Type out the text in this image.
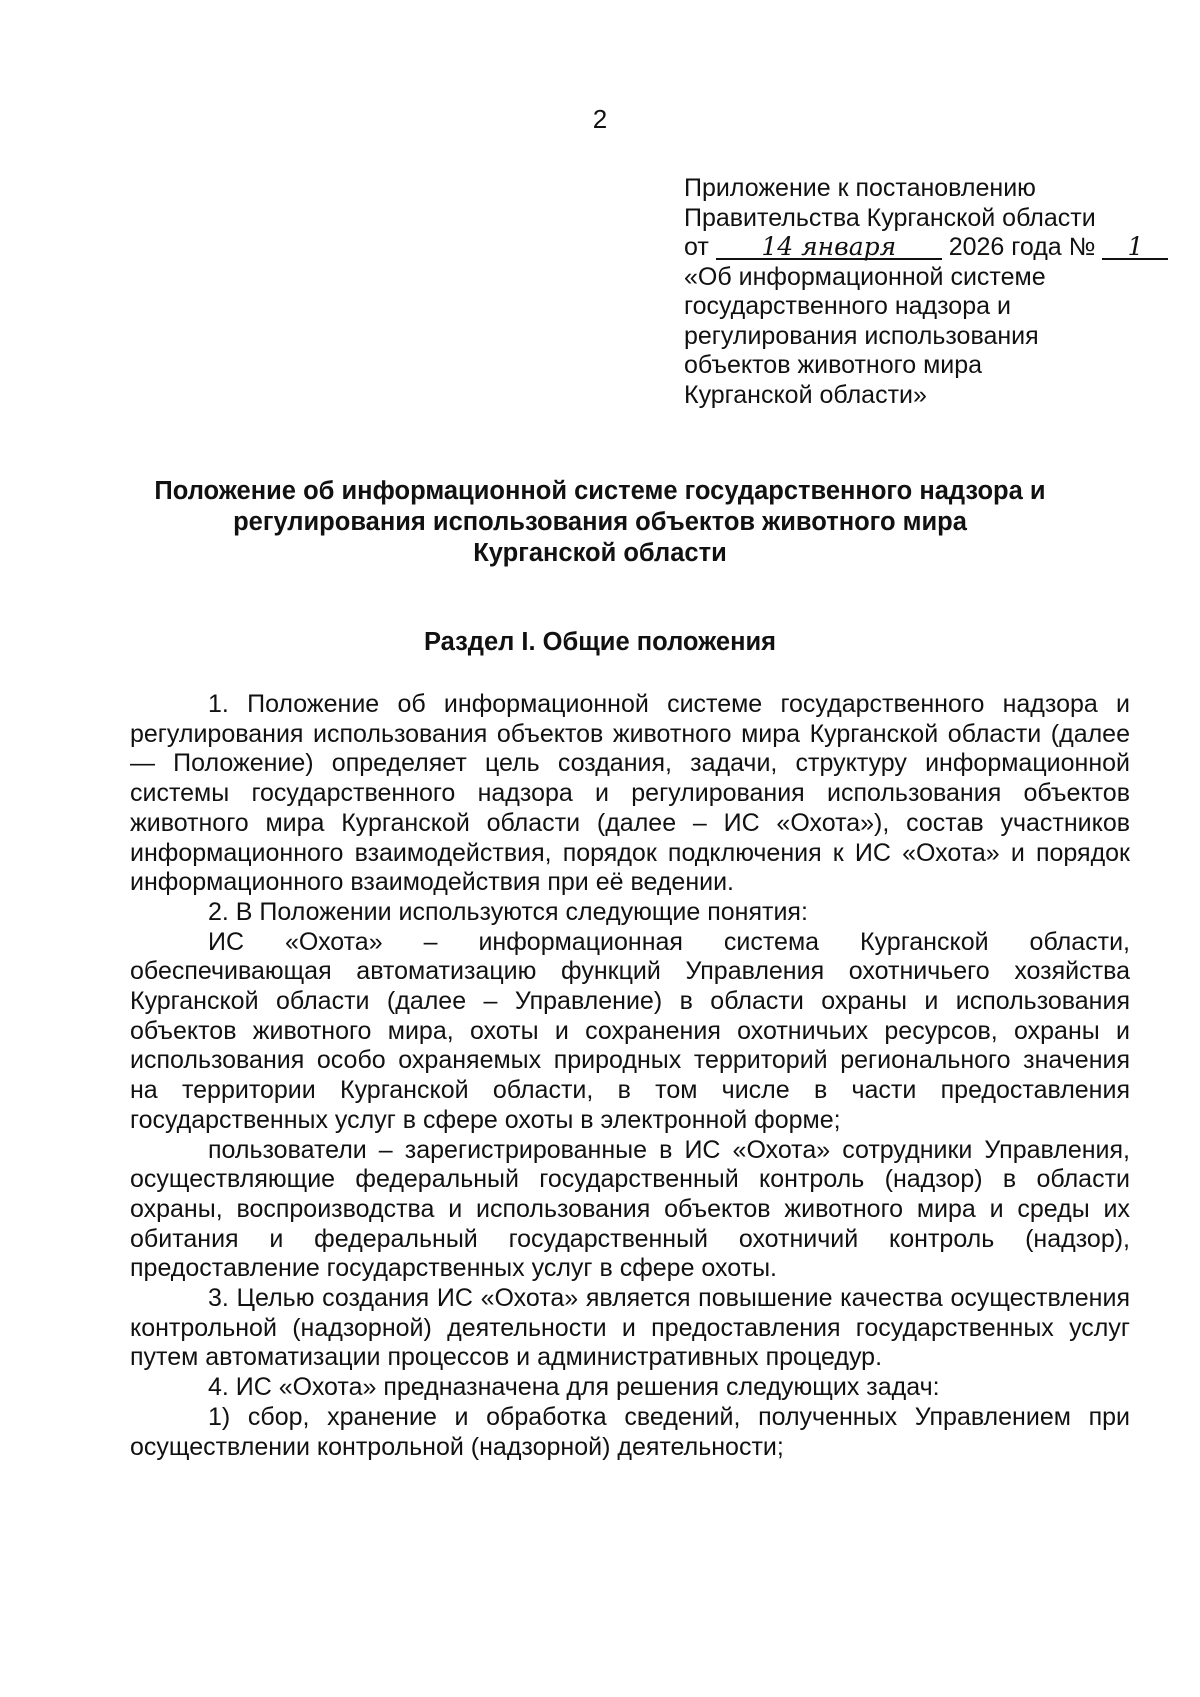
2
Приложение к постановлению
Правительства Курганской области
от 14 января 2026 года № 1
«Об информационной системе
государственного надзора и
регулирования использования
объектов животного мира
Курганской области»
Положение об информационной системе государственного надзора и
регулирования использования объектов животного мира
Курганской области
Раздел I. Общие положения

1. Положение об информационной системе государственного надзора и регулирования использования объектов животного мира Курганской области (далее — Положение) определяет цель создания, задачи, структуру информационной системы государственного надзора и регулирования использования объектов животного мира Курганской области (далее – ИС «Охота»), состав участников информационного взаимодействия, порядок подключения к ИС «Охота» и порядок информационного взаимодействия при её ведении.

2. В Положении используются следующие понятия:

ИС «Охота» – информационная система Курганской области, обеспечивающая автоматизацию функций Управления охотничьего хозяйства Курганской области (далее – Управление) в области охраны и использования объектов животного мира, охоты и сохранения охотничьих ресурсов, охраны и использования особо охраняемых природных территорий регионального значения на территории Курганской области, в том числе в части предоставления государственных услуг в сфере охоты в электронной форме;

пользователи – зарегистрированные в ИС «Охота» сотрудники Управления, осуществляющие федеральный государственный контроль (надзор) в области охраны, воспроизводства и использования объектов животного мира и среды их обитания и федеральный государственный охотничий контроль (надзор), предоставление государственных услуг в сфере охоты.

3. Целью создания ИС «Охота» является повышение качества осуществления контрольной (надзорной) деятельности и предоставления государственных услуг путем автоматизации процессов и административных процедур.

4. ИС «Охота» предназначена для решения следующих задач:

1) сбор, хранение и обработка сведений, полученных Управлением при осуществлении контрольной (надзорной) деятельности;
